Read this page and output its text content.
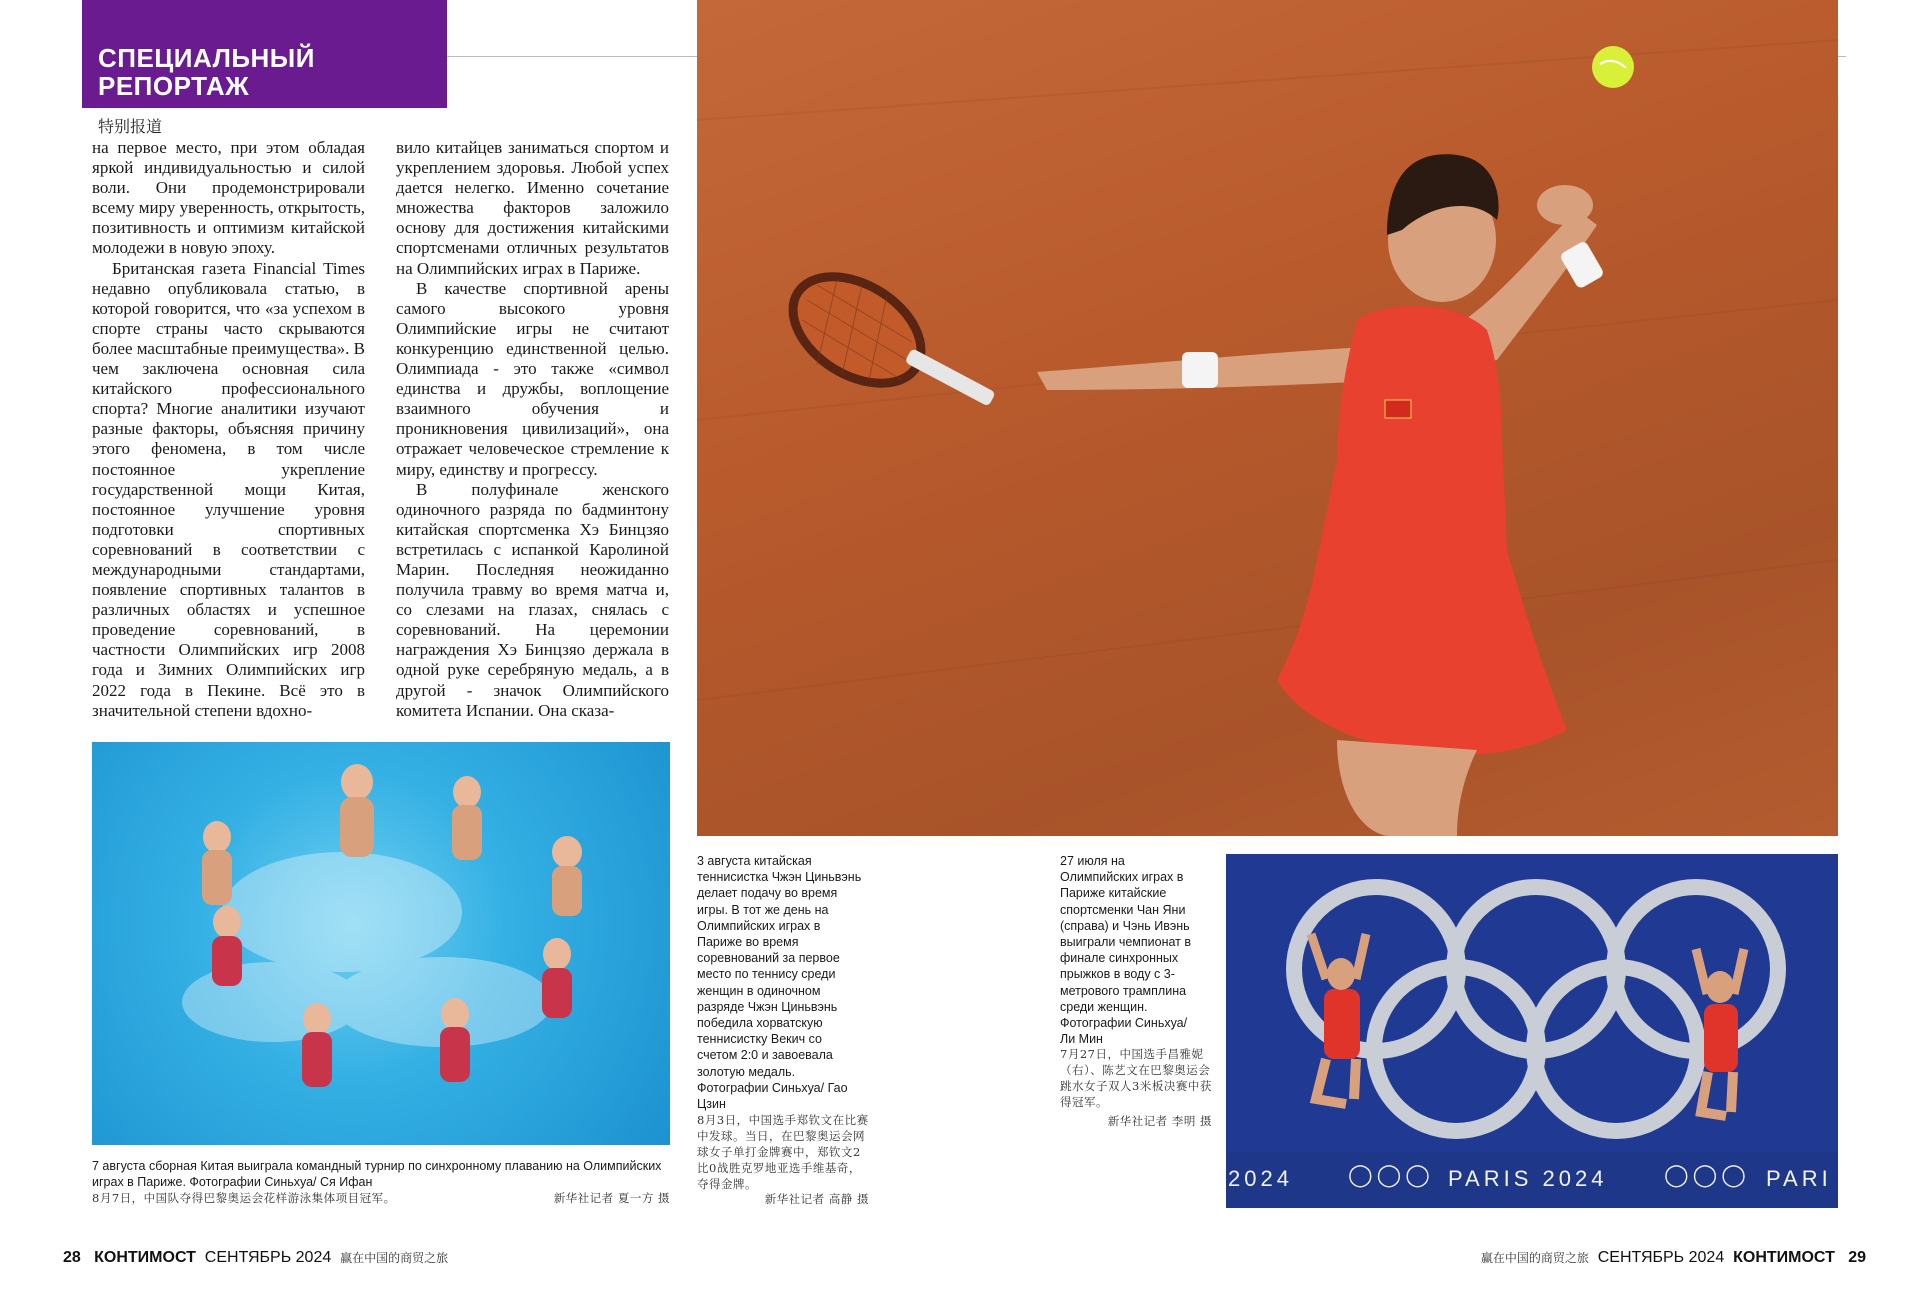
СПЕЦИАЛЬНЫЙ
РЕПОРТАЖ
特别报道

на первое место, при этом обладая яркой индивидуальностью и силой воли. Они продемонстрировали всему миру уверенность, открытость, позитивность и оптимизм китайской молодежи в новую эпоху.

Британская газета Financial Times недавно опубликовала статью, в которой говорится, что «за успехом в спорте страны часто скрываются более масштабные преимущества». В чем заключена основная сила китайского профессионального спорта? Многие аналитики изучают разные факторы, объясняя причину этого феномена, в том числе постоянное укрепление государственной мощи Китая, постоянное улучшение уровня подготовки спортивных соревнований в соответствии с международными стандартами, появление спортивных талантов в различных областях и успешное проведение соревнований, в частности Олимпийских игр 2008 года и Зимних Олимпийских игр 2022 года в Пекине. Всё это в значительной степени вдохно-

вило китайцев заниматься спортом и укреплением здоровья. Любой успех дается нелегко. Именно сочетание множества факторов заложило основу для достижения китайскими спортсменами отличных результатов на Олимпийских играх в Париже.

В качестве спортивной арены самого высокого уровня Олимпийские игры не считают конкуренцию единственной целью. Олимпиада - это также «символ единства и дружбы, воплощение взаимного обучения и проникновения цивилизаций», она отражает человеческое стремление к миру, единству и прогрессу.

В полуфинале женского одиночного разряда по бадминтону китайская спортсменка Хэ Бинцзяо встретилась с испанкой Каролиной Марин. Последняя неожиданно получила травму во время матча и, со слезами на глазах, снялась с соревнований. На церемонии награждения Хэ Бинцзяо держала в одной руке серебряную медаль, а в другой - значок Олимпийского комитета Испании. Она сказа-

2024	◯◯◯ PARIS 2024	◯◯◯ PARI
7 августа сборная Китая выиграла командный турнир по синхронному плаванию на Олимпийских играх в Париже. Фотографии Синьхуа/ Ся Ифан
8月7日，中国队夺得巴黎奥运会花样游泳集体项目冠军。	新华社记者 夏一方 摄
3 августа китайская теннисистка Чжэн Циньвэнь делает подачу во время игры. В тот же день на Олимпийских играх в Париже во время соревнований за первое место по теннису среди женщин в одиночном разряде Чжэн Циньвэнь победила хорватскую теннисистку Векич со счетом 2:0 и завоевала золотую медаль. Фотографии Синьхуа/ Гао Цзин
8月3日，中国选手郑钦文在比赛中发球。当日，在巴黎奥运会网球女子单打金牌赛中，郑钦文2比0战胜克罗地亚选手维基奇，夺得金牌。
新华社记者 高静 摄
27 июля на Олимпийских играх в Париже китайские спортсменки Чан Яни (справа) и Чэнь Ивэнь выиграли чемпионат в финале синхронных прыжков в воду с 3-метрового трамплина среди женщин. Фотографии Синьхуа/ Ли Мин
7月27日，中国选手昌雅妮（右）、陈艺文在巴黎奥运会跳水女子双人3米板决赛中获得冠军。
新华社记者 李明 摄
28 КОНТИМОСТ СЕНТЯБРЬ 2024 赢在中国的商贸之旅	赢在中国的商贸之旅 СЕНТЯБРЬ 2024 КОНТИМОСТ 29
